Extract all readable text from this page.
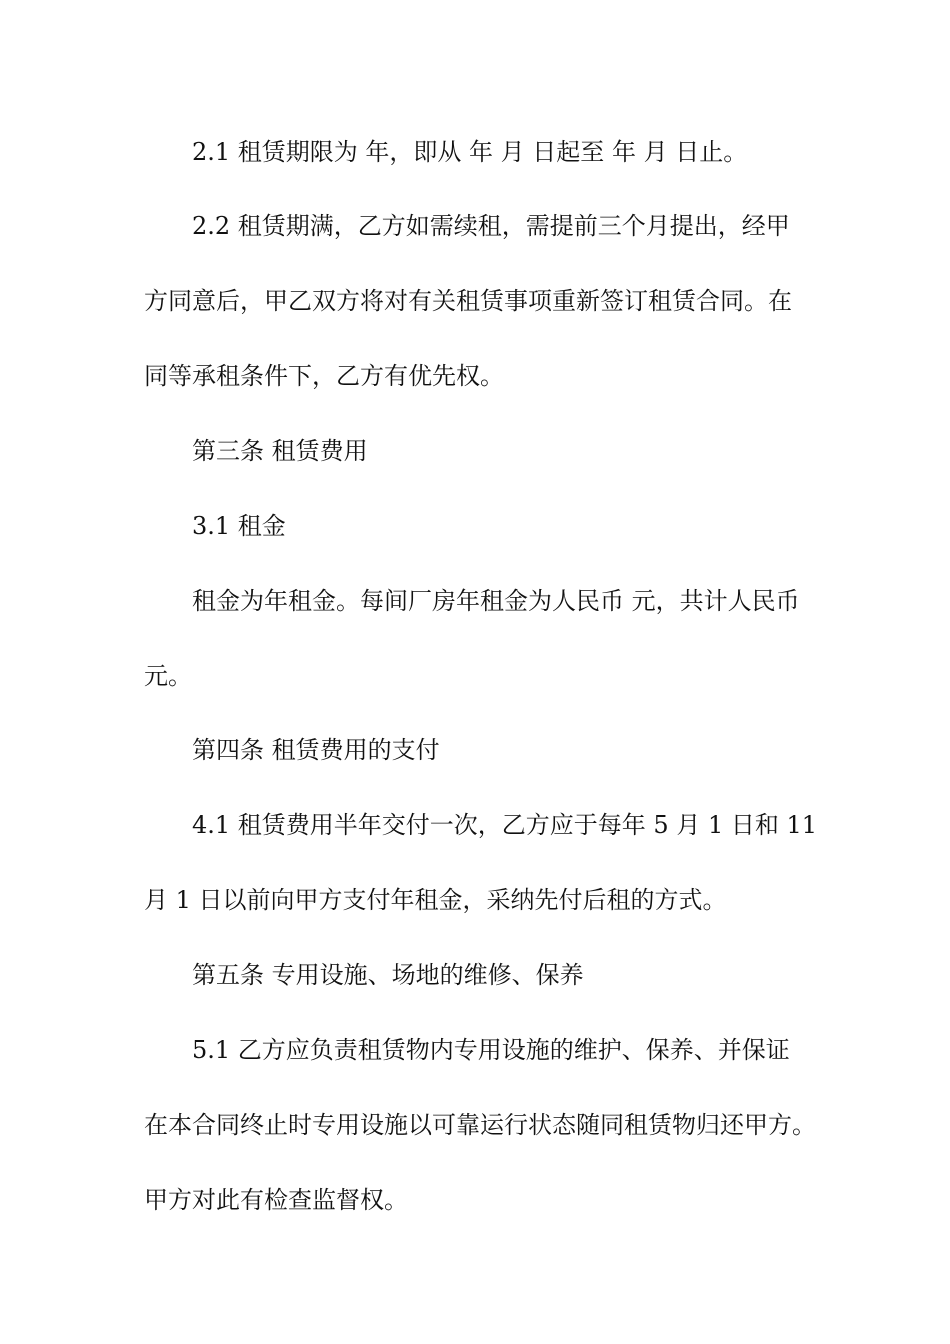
2.1 租赁期限为 年，即从 年 月 日起至 年 月 日止。
2.2 租赁期满，乙方如需续租，需提前三个月提出，经甲
方同意后，甲乙双方将对有关租赁事项重新签订租赁合同。在
同等承租条件下，乙方有优先权。
第三条 租赁费用
3.1 租金
租金为年租金。每间厂房年租金为人民币 元，共计人民币
元。
第四条 租赁费用的支付
4.1 租赁费用半年交付一次，乙方应于每年 5 月 1 日和 11
月 1 日以前向甲方支付年租金，采纳先付后租的方式。
第五条 专用设施、场地的维修、保养
5.1 乙方应负责租赁物内专用设施的维护、保养、并保证
在本合同终止时专用设施以可靠运行状态随同租赁物归还甲方。
甲方对此有检查监督权。
